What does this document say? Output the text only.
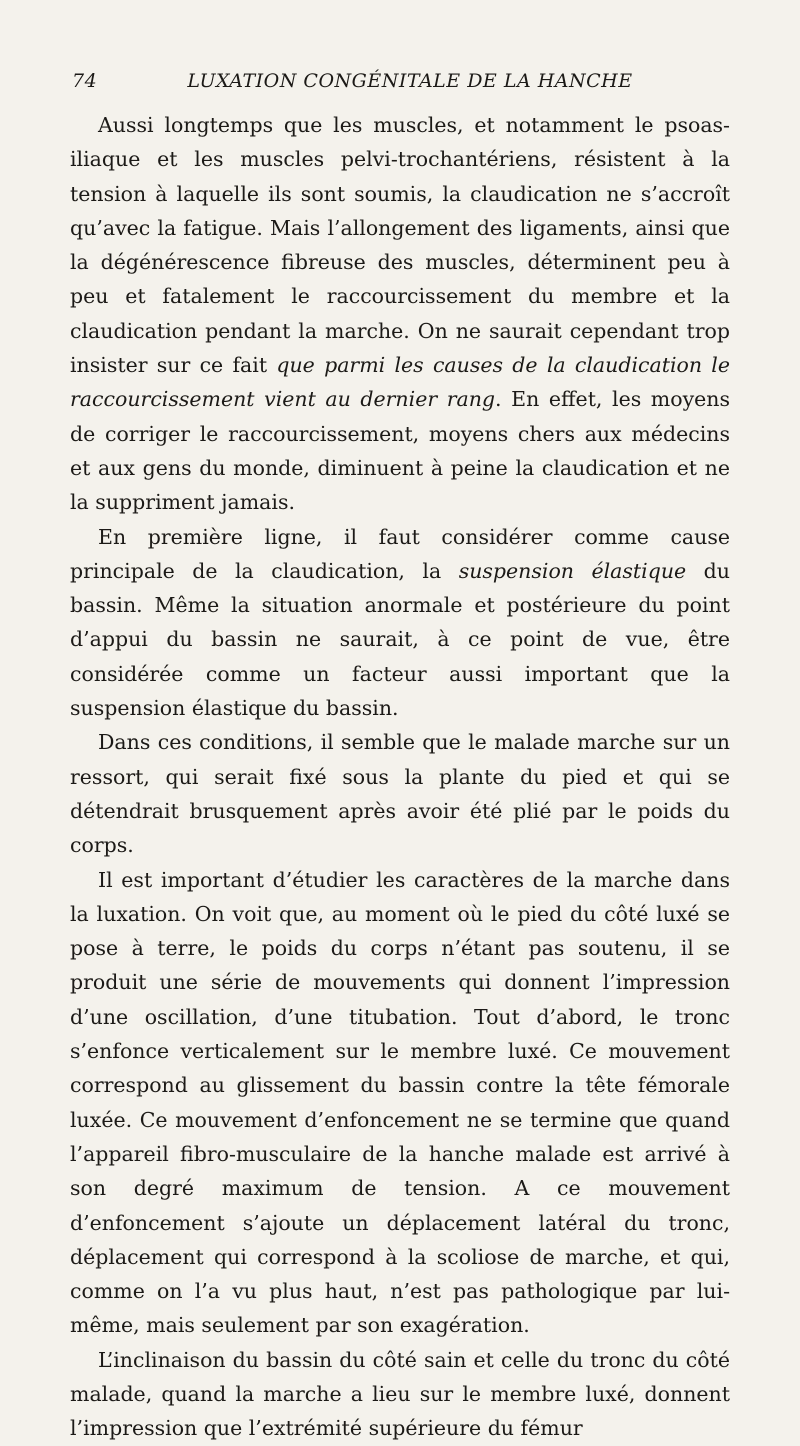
74	LUXATION CONGÉNITALE DE LA HANCHE

Aussi longtemps que les muscles, et notamment le psoas-iliaque et les muscles pelvi-trochantériens, résistent à la tension à laquelle ils sont soumis, la claudication ne s’accroît qu’avec la fatigue. Mais l’allongement des ligaments, ainsi que la dégénérescence fibreuse des muscles, déterminent peu à peu et fatalement le raccourcissement du membre et la claudication pendant la marche. On ne saurait cependant trop insister sur ce fait que parmi les causes de la claudication le raccourcissement vient au dernier rang. En effet, les moyens de corriger le raccourcissement, moyens chers aux médecins et aux gens du monde, diminuent à peine la claudication et ne la suppriment jamais.

En première ligne, il faut considérer comme cause principale de la claudication, la suspension élastique du bassin. Même la situation anormale et postérieure du point d’appui du bassin ne saurait, à ce point de vue, être considérée comme un facteur aussi important que la suspension élastique du bassin.

Dans ces conditions, il semble que le malade marche sur un ressort, qui serait fixé sous la plante du pied et qui se détendrait brusquement après avoir été plié par le poids du corps.

Il est important d’étudier les caractères de la marche dans la luxation. On voit que, au moment où le pied du côté luxé se pose à terre, le poids du corps n’étant pas soutenu, il se produit une série de mouvements qui donnent l’impression d’une oscillation, d’une titubation. Tout d’abord, le tronc s’enfonce verticalement sur le membre luxé. Ce mouvement correspond au glissement du bassin contre la tête fémorale luxée. Ce mouvement d’enfoncement ne se termine que quand l’appareil fibro-musculaire de la hanche malade est arrivé à son degré maximum de tension. A ce mouvement d’enfoncement s’ajoute un déplacement latéral du tronc, déplacement qui correspond à la scoliose de marche, et qui, comme on l’a vu plus haut, n’est pas pathologique par lui-même, mais seulement par son exagération.

L’inclinaison du bassin du côté sain et celle du tronc du côté malade, quand la marche a lieu sur le membre luxé, donnent l’impression que l’extrémité supérieure du fémur
